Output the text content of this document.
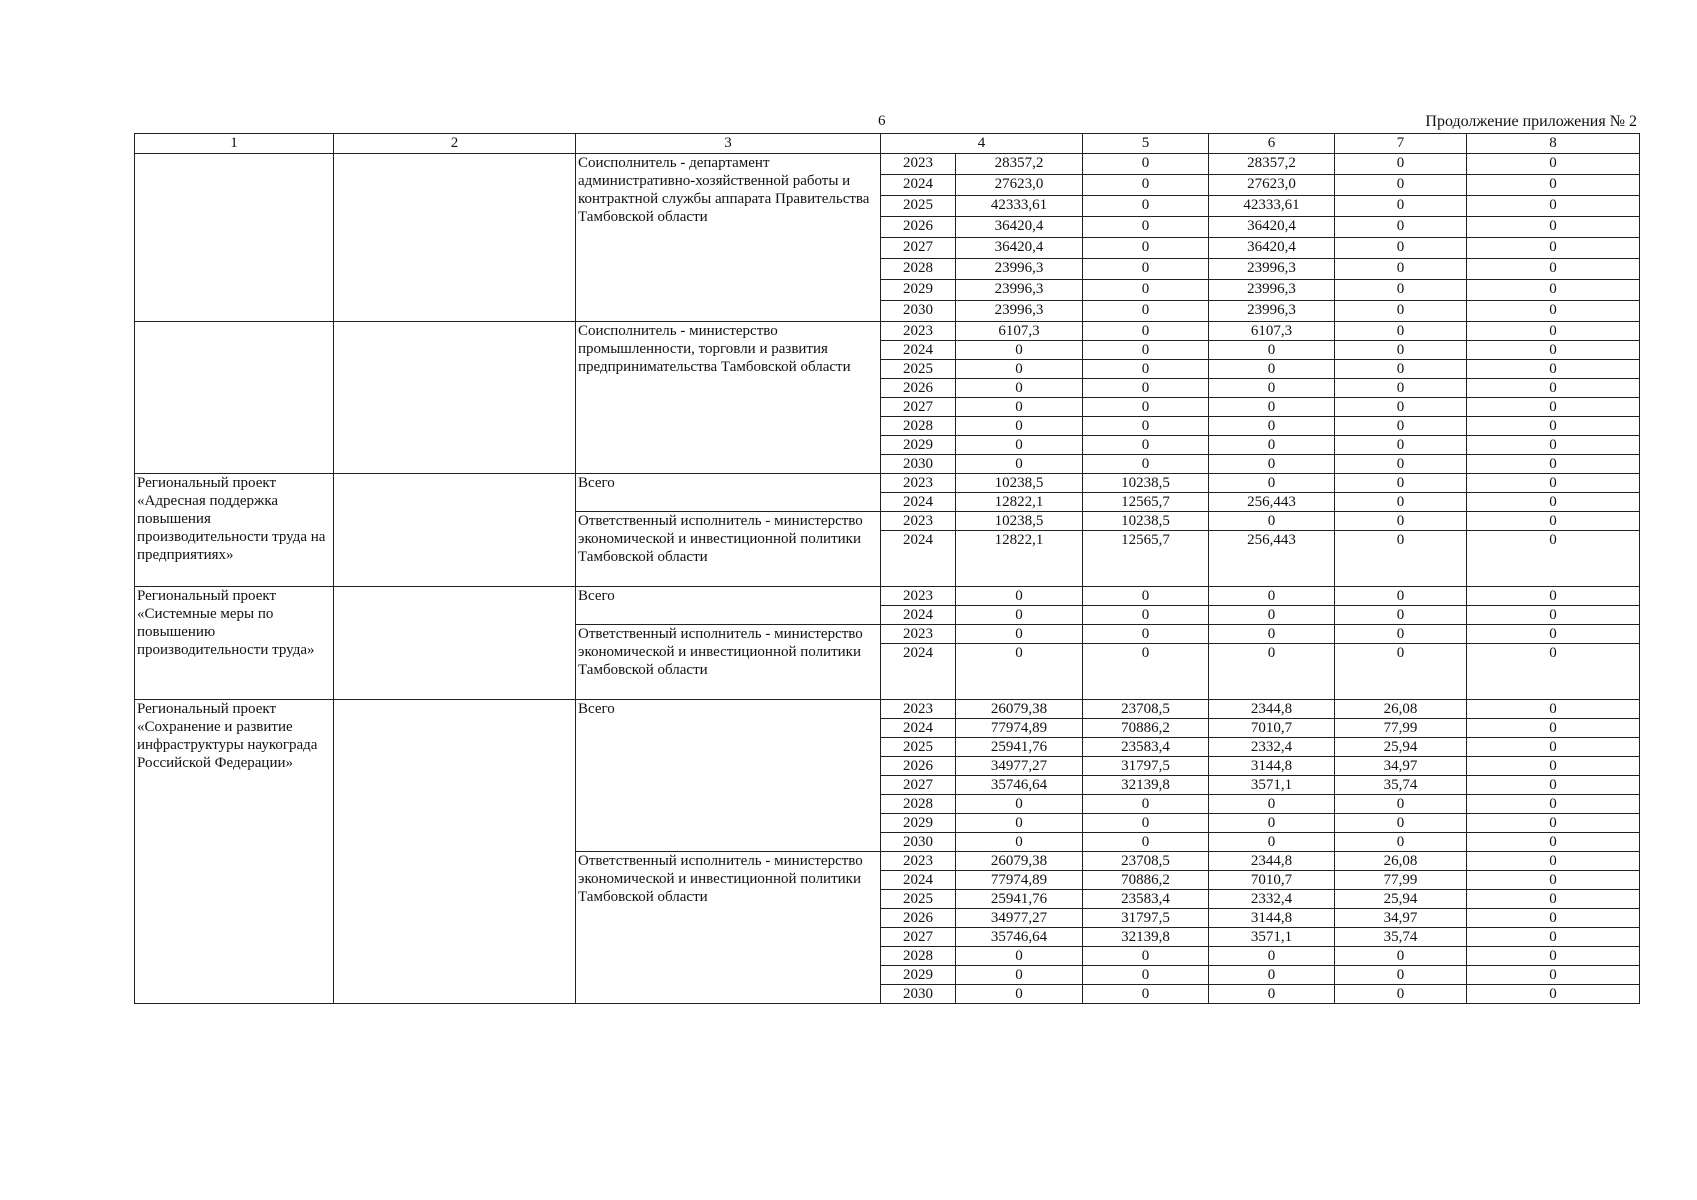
6	Продолжение приложения № 2
1	2	3	4		5	6	7	8
		Соисполнитель - департамент административно-хозяйственной работы и контрактной службы аппарата Правительства Тамбовской области	2023	28357,2	0	28357,2	0	0
			2024	27623,0	0	27623,0	0	0
			2025	42333,61	0	42333,61	0	0
			2026	36420,4	0	36420,4	0	0
			2027	36420,4	0	36420,4	0	0
			2028	23996,3	0	23996,3	0	0
			2029	23996,3	0	23996,3	0	0
			2030	23996,3	0	23996,3	0	0
		Соисполнитель - министерство промышленности, торговли и развития предпринимательства Тамбовской области	2023	6107,3	0	6107,3	0	0
			2024	0	0	0	0	0
			2025	0	0	0	0	0
			2026	0	0	0	0	0
			2027	0	0	0	0	0
			2028	0	0	0	0	0
			2029	0	0	0	0	0
			2030	0	0	0	0	0
Региональный проект «Адресная поддержка повышения производительности труда на предприятиях»		Всего	2023	10238,5	10238,5	0	0	0
			2024	12822,1	12565,7	256,443	0	0
		Ответственный исполнитель - министерство экономической и инвестиционной политики Тамбовской области	2023	10238,5	10238,5	0	0	0
			2024	12822,1	12565,7	256,443	0	0
Региональный проект «Системные меры по повышению производительности труда»		Всего	2023	0	0	0	0	0
			2024	0	0	0	0	0
		Ответственный исполнитель - министерство экономической и инвестиционной политики Тамбовской области	2023	0	0	0	0	0
			2024	0	0	0	0	0
Региональный проект «Сохранение и развитие инфраструктуры наукограда Российской Федерации»		Всего	2023	26079,38	23708,5	2344,8	26,08	0
			2024	77974,89	70886,2	7010,7	77,99	0
			2025	25941,76	23583,4	2332,4	25,94	0
			2026	34977,27	31797,5	3144,8	34,97	0
			2027	35746,64	32139,8	3571,1	35,74	0
			2028	0	0	0	0	0
			2029	0	0	0	0	0
			2030	0	0	0	0	0
		Ответственный исполнитель - министерство экономической и инвестиционной политики Тамбовской области	2023	26079,38	23708,5	2344,8	26,08	0
			2024	77974,89	70886,2	7010,7	77,99	0
			2025	25941,76	23583,4	2332,4	25,94	0
			2026	34977,27	31797,5	3144,8	34,97	0
			2027	35746,64	32139,8	3571,1	35,74	0
			2028	0	0	0	0	0
			2029	0	0	0	0	0
			2030	0	0	0	0	0
